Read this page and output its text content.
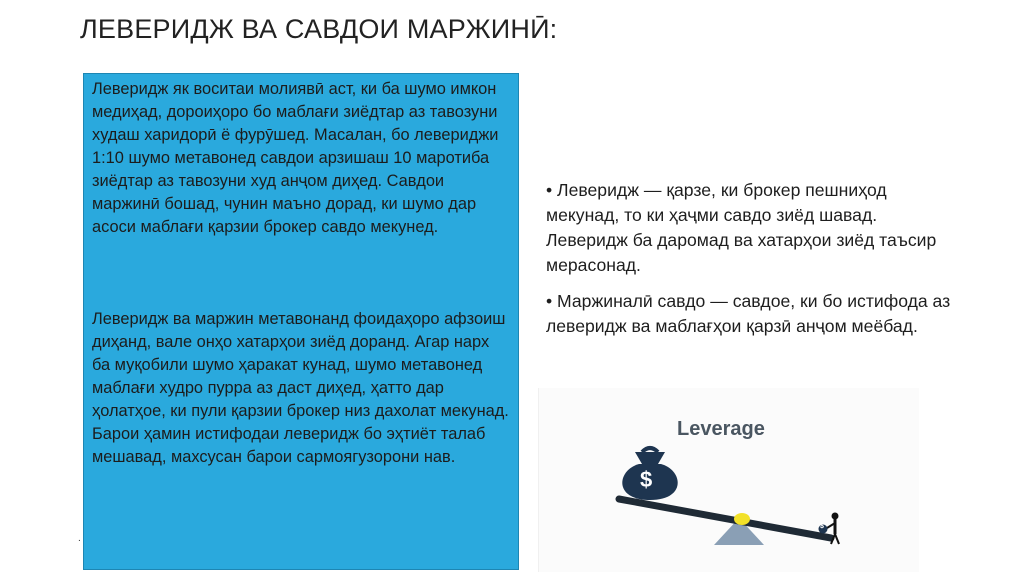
ЛЕВЕРИДЖ ВА САВДОИ МАРЖИНӢ:

Леверидж як воситаи молиявӣ аст, ки ба шумо имкон медиҳад, дороиҳоро бо маблағи зиёдтар аз тавозуни худаш харидорӣ ё фурӯшед. Масалан, бо левериджи 1:10 шумо метавонед савдои арзишаш 10 маротиба зиёдтар аз тавозуни худ анҷом диҳед. Савдои маржинӣ бошад, чунин маъно дорад, ки шумо дар асоси маблағи қарзии брокер савдо мекунед.

Леверидж ва маржин метавонанд фоидаҳоро афзоиш диҳанд, вале онҳо хатарҳои зиёд доранд. Агар нарх ба муқобили шумо ҳаракат кунад, шумо метавонед маблағи худро пурра аз даст диҳед, ҳатто дар ҳолатҳое, ки пули қарзии брокер низ дахолат мекунад. Барои ҳамин истифодаи леверидж бо эҳтиёт талаб мешавад, махсусан барои сармоягузорони нав.

.

• Леверидж — қарзе, ки брокер пешниҳод мекунад, то ки ҳаҷми савдо зиёд шавад. Леверидж ба даромад ва хатарҳои зиёд таъсир мерасонад.

• Маржиналӣ савдо — савдое, ки бо истифода аз леверидж ва маблағҳои қарзӣ анҷом меёбад.

Leverage
$
$
